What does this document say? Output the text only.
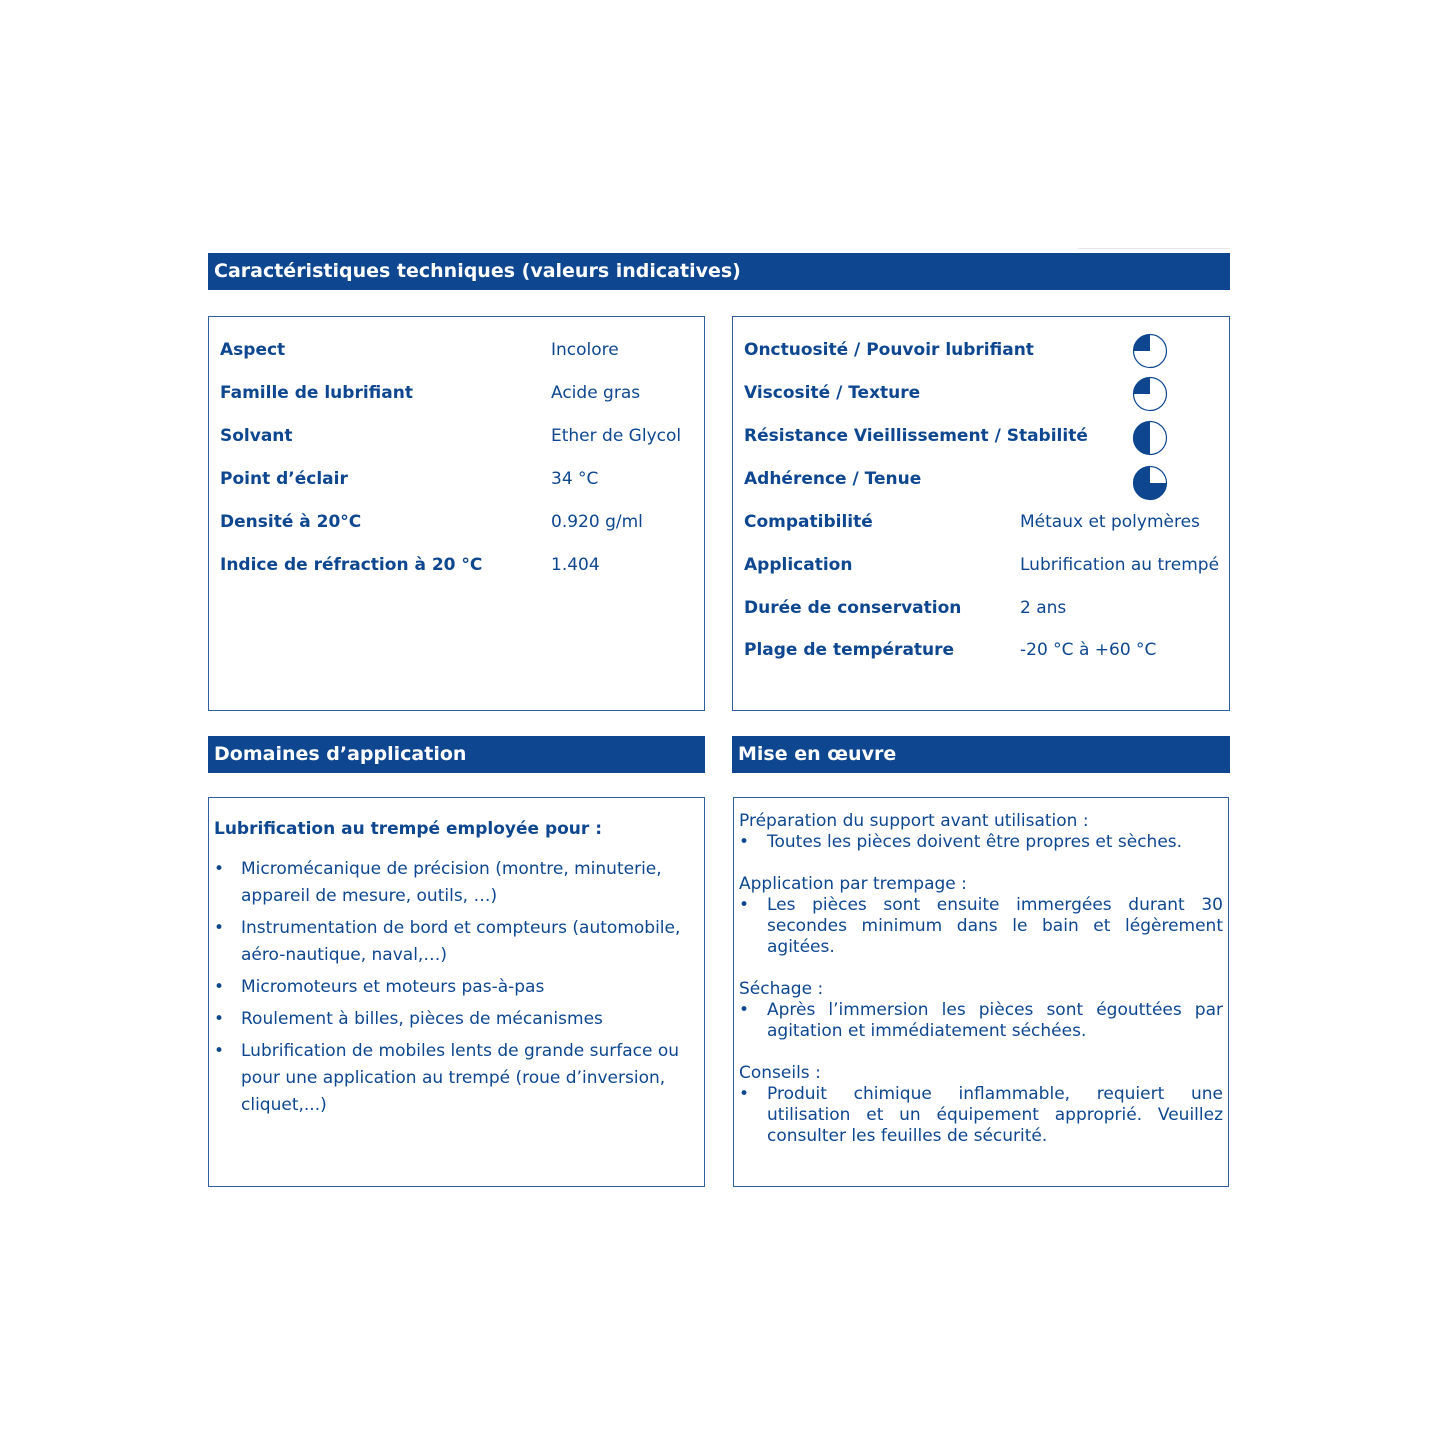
Caractéristiques techniques (valeurs indicatives)
Aspect	Incolore
Famille de lubrifiant	Acide gras
Solvant	Ether de Glycol
Point d’éclair	34 °C
Densité à 20°C	0.920 g/ml
Indice de réfraction à 20 °C	1.404
Onctuosité / Pouvoir lubrifiant
Viscosité / Texture
Résistance Vieillissement / Stabilité
Adhérence / Tenue
Compatibilité	Métaux et polymères
Application	Lubrification au trempé
Durée de conservation	2 ans
Plage de température	-20 °C à +60 °C
Domaines d’application	Mise en œuvre
Lubrification au trempé employée pour :
• Micromécanique de précision (montre, minuterie, appareil de mesure, outils, …)
• Instrumentation de bord et compteurs (automobile, aéro-nautique, naval,…)
• Micromoteurs et moteurs pas-à-pas
• Roulement à billes, pièces de mécanismes
• Lubrification de mobiles lents de grande surface ou pour une application au trempé (roue d’inversion, cliquet,...)

Préparation du support avant utilisation :

• Toutes les pièces doivent être propres et sèches.

Application par trempage :

• Les pièces sont ensuite immergées durant 30 secondes minimum dans le bain et légèrement agitées.

Séchage :

• Après l’immersion les pièces sont égouttées par agitation et immédiatement séchées.

Conseils :

• Produit chimique inflammable, requiert une utilisation et un équipement approprié. Veuillez consulter les feuilles de sécurité.
